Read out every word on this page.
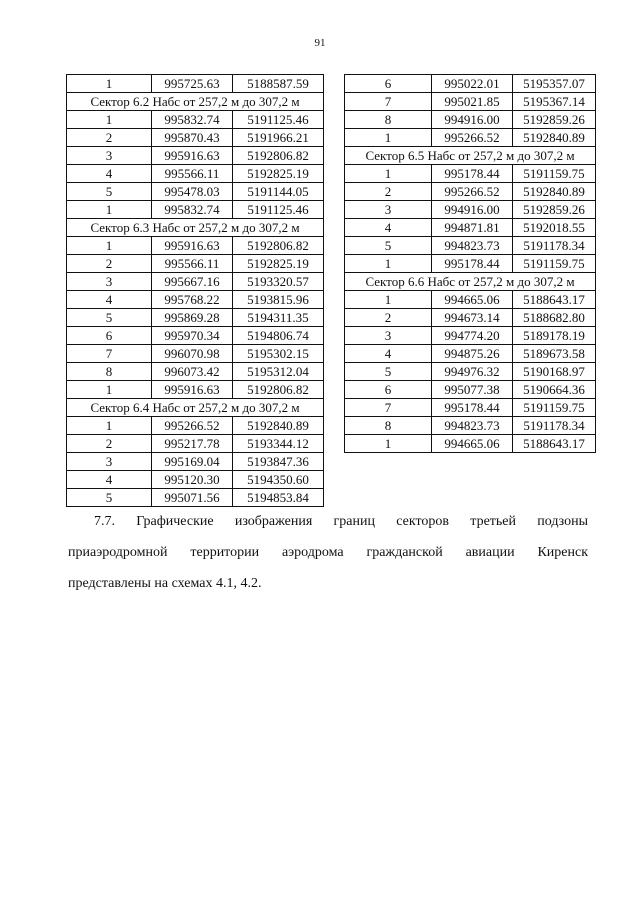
91
1	995725.63	5188587.59
Сектор 6.2 Набс от 257,2 м до 307,2 м		
1	995832.74	5191125.46
2	995870.43	5191966.21
3	995916.63	5192806.82
4	995566.11	5192825.19
5	995478.03	5191144.05
1	995832.74	5191125.46
Сектор 6.3 Набс от 257,2 м до 307,2 м		
1	995916.63	5192806.82
2	995566.11	5192825.19
3	995667.16	5193320.57
4	995768.22	5193815.96
5	995869.28	5194311.35
6	995970.34	5194806.74
7	996070.98	5195302.15
8	996073.42	5195312.04
1	995916.63	5192806.82
Сектор 6.4 Набс от 257,2 м до 307,2 м		
1	995266.52	5192840.89
2	995217.78	5193344.12
3	995169.04	5193847.36
4	995120.30	5194350.60
5	995071.56	5194853.84
6	995022.01	5195357.07
7	995021.85	5195367.14
8	994916.00	5192859.26
1	995266.52	5192840.89
Сектор 6.5 Набс от 257,2 м до 307,2 м		
1	995178.44	5191159.75
2	995266.52	5192840.89
3	994916.00	5192859.26
4	994871.81	5192018.55
5	994823.73	5191178.34
1	995178.44	5191159.75
Сектор 6.6 Набс от 257,2 м до 307,2 м		
1	994665.06	5188643.17
2	994673.14	5188682.80
3	994774.20	5189178.19
4	994875.26	5189673.58
5	994976.32	5190168.97
6	995077.38	5190664.36
7	995178.44	5191159.75
8	994823.73	5191178.34
1	994665.06	5188643.17
7.7. Графические изображения границ секторов третьей подзоны
приаэродромной территории аэродрома гражданской авиации Киренск
представлены на схемах 4.1, 4.2.
